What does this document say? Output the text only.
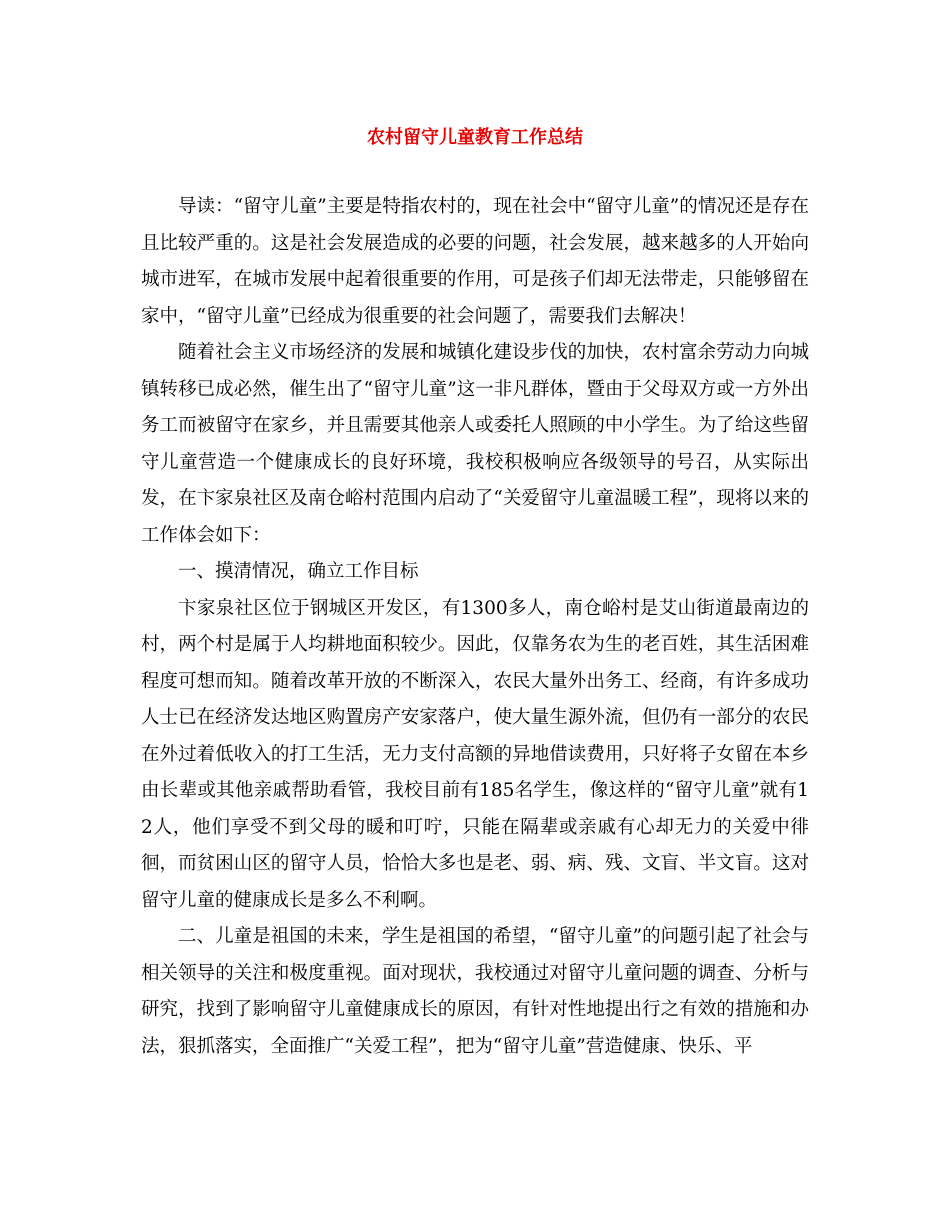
农村留守儿童教育工作总结

导读：“留守儿童”主要是特指农村的，现在社会中“留守儿童”的情况还是存在且比较严重的。这是社会发展造成的必要的问题，社会发展，越来越多的人开始向城市进军，在城市发展中起着很重要的作用，可是孩子们却无法带走，只能够留在家中，“留守儿童”已经成为很重要的社会问题了，需要我们去解决！

随着社会主义市场经济的发展和城镇化建设步伐的加快，农村富余劳动力向城镇转移已成必然，催生出了“留守儿童”这一非凡群体，暨由于父母双方或一方外出务工而被留守在家乡，并且需要其他亲人或委托人照顾的中小学生。为了给这些留守儿童营造一个健康成长的良好环境，我校积极响应各级领导的号召，从实际出发，在卞家泉社区及南仓峪村范围内启动了“关爱留守儿童温暖工程”，现将以来的工作体会如下：

一、摸清情况，确立工作目标

卞家泉社区位于钢城区开发区，有1300多人，南仓峪村是艾山街道最南边的村，两个村是属于人均耕地面积较少。因此，仅靠务农为生的老百姓，其生活困难程度可想而知。随着改革开放的不断深入，农民大量外出务工、经商，有许多成功人士已在经济发达地区购置房产安家落户，使大量生源外流，但仍有一部分的农民在外过着低收入的打工生活，无力支付高额的异地借读费用，只好将子女留在本乡由长辈或其他亲戚帮助看管，我校目前有185名学生，像这样的“留守儿童”就有12人，他们享受不到父母的暖和叮咛，只能在隔辈或亲戚有心却无力的关爱中徘徊，而贫困山区的留守人员，恰恰大多也是老、弱、病、残、文盲、半文盲。这对留守儿童的健康成长是多么不利啊。

二、儿童是祖国的未来，学生是祖国的希望，“留守儿童”的问题引起了社会与相关领导的关注和极度重视。面对现状，我校通过对留守儿童问题的调查、分析与研究，找到了影响留守儿童健康成长的原因，有针对性地提出行之有效的措施和办法，狠抓落实，全面推广“关爱工程”，把为“留守儿童”营造健康、快乐、平
